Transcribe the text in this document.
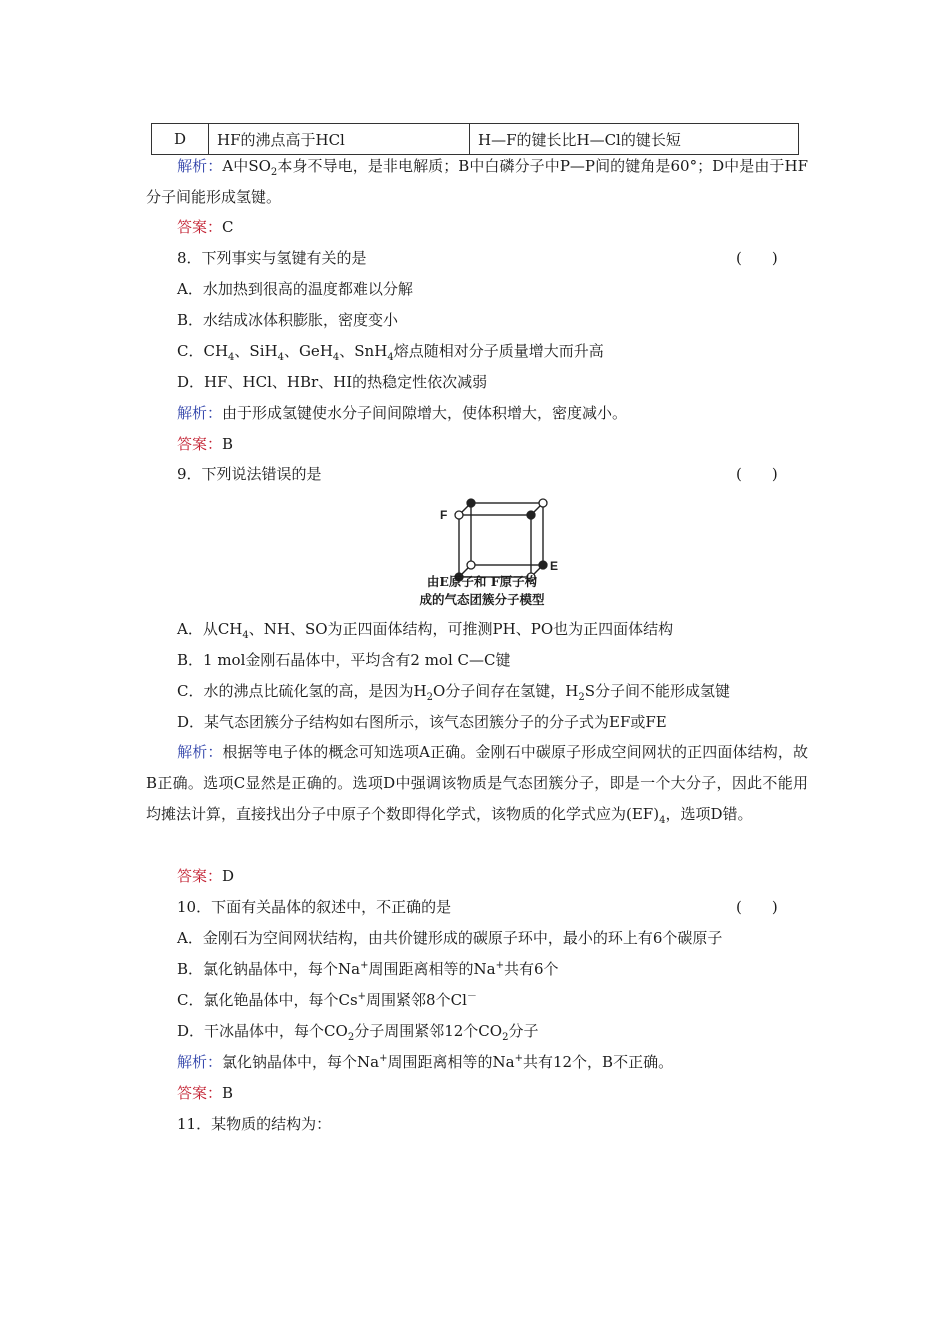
D	HF的沸点高于HCl	H—F的键长比H—Cl的键长短
解析：A中$SO_2$本身不导电，是非电解质；B中白磷分子中P—P间的键角是60°；D中是由于HF分子间能形成氢键。
答案：C
8．下列事实与氢键有关的是	(　　)
A．水加热到很高的温度都难以分解
B．水结成冰体积膨胀，密度变小
C．$CH_4$、SiH$_4$、GeH$_4$、SnH$_4$熔点随相对分子质量增大而升高
D．HF、HCl、HBr、HI的热稳定性依次减弱
解析：由于形成氢键使水分子间间隙增大，使体积增大，密度减小。
答案：B
9．下列说法错误的是	(　　)
F
E
由E原子和 F原子构
成的气态团簇分子模型
A．从$CH_4$、NH、SO为正四面体结构，可推测PH、PO也为正四面体结构
B．1 mol金刚石晶体中，平均含有2 mol C—C键
C．水的沸点比硫化氢的高，是因为$H_2O$分子间存在氢键，$H_2S$分子间不能形成氢键
D．某气态团簇分子结构如右图所示，该气态团簇分子的分子式为EF或FE
解析：根据等电子体的概念可知选项A正确。金刚石中碳原子形成空间网状的正四面体结构，故B正确。选项C显然是正确的。选项D中强调该物质是气态团簇分子，即是一个大分子，因此不能用均摊法计算，直接找出分子中原子个数即得化学式，该物质的化学式应为$(EF)_4$，选项D错。
答案：D
10．下面有关晶体的叙述中，不正确的是	(　　)
A．金刚石为空间网状结构，由共价键形成的碳原子环中，最小的环上有6个碳原子
B．氯化钠晶体中，每个Na+周围距离相等的Na+共有6个
C．氯化铯晶体中，每个Cs+周围紧邻8个Cl－
D．干冰晶体中，每个$CO_2$分子周围紧邻12个$CO_2$分子
解析：氯化钠晶体中，每个Na+周围距离相等的Na+共有12个，B不正确。
答案：B
11．某物质的结构为：
